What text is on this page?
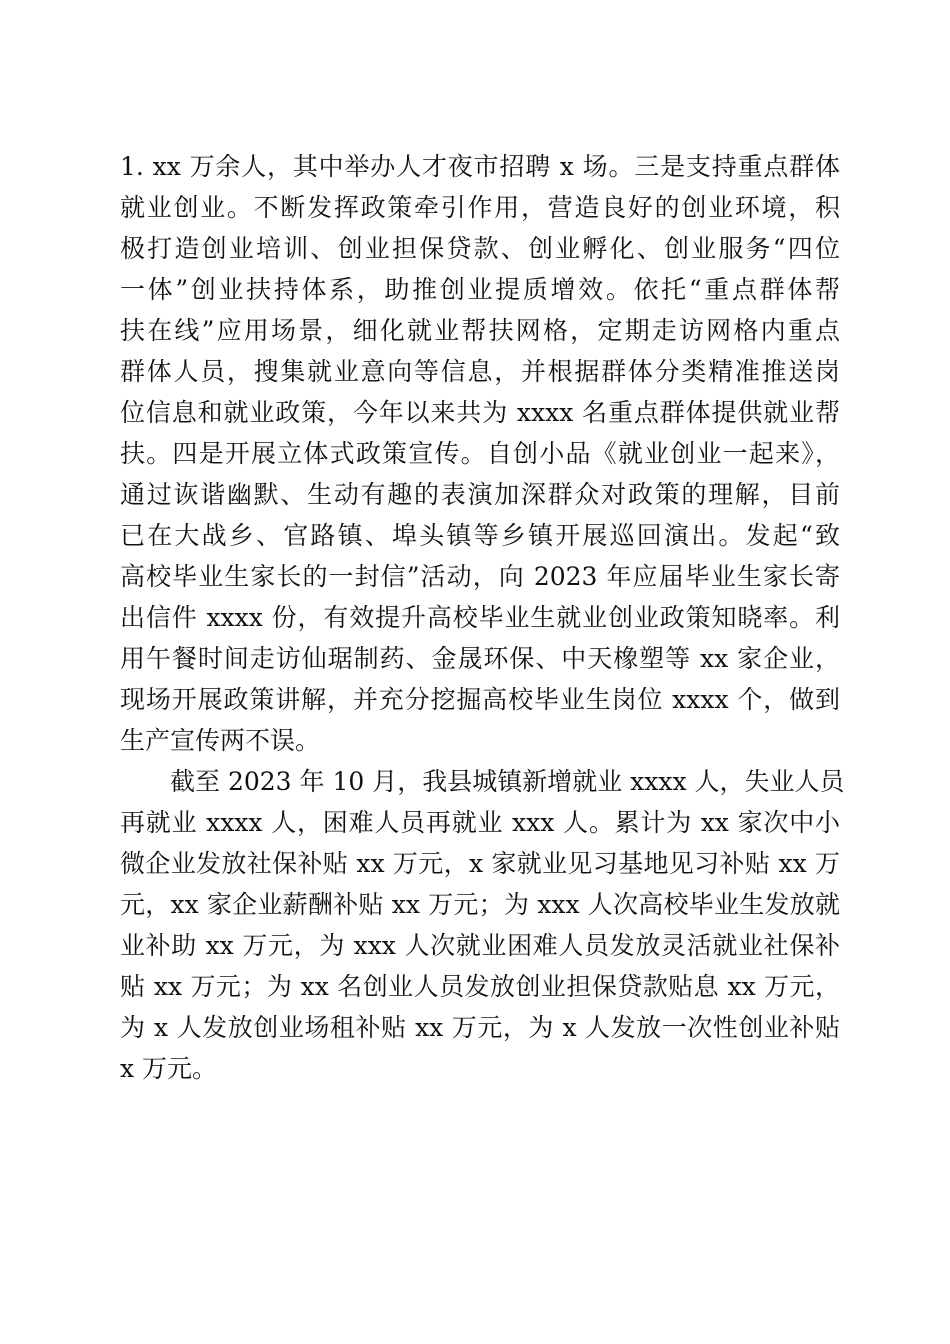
1. xx 万余人，其中举办人才夜市招聘 x 场。三是支持重点群体
就业创业。不断发挥政策牵引作用，营造良好的创业环境，积
极打造创业培训、创业担保贷款、创业孵化、创业服务“四位
一体”创业扶持体系，助推创业提质增效。依托“重点群体帮
扶在线”应用场景，细化就业帮扶网格，定期走访网格内重点
群体人员，搜集就业意向等信息，并根据群体分类精准推送岗
位信息和就业政策，今年以来共为 xxxx 名重点群体提供就业帮
扶。四是开展立体式政策宣传。自创小品《就业创业一起来》，
通过诙谐幽默、生动有趣的表演加深群众对政策的理解，目前
已在大战乡、官路镇、埠头镇等乡镇开展巡回演出。发起“致
高校毕业生家长的一封信”活动，向 2023 年应届毕业生家长寄
出信件 xxxx 份，有效提升高校毕业生就业创业政策知晓率。利
用午餐时间走访仙琚制药、金晟环保、中天橡塑等 xx 家企业，
现场开展政策讲解，并充分挖掘高校毕业生岗位 xxxx 个，做到
生产宣传两不误。
截至 2023 年 10 月，我县城镇新增就业 xxxx 人，失业人员
再就业 xxxx 人，困难人员再就业 xxx 人。累计为 xx 家次中小
微企业发放社保补贴 xx 万元，x 家就业见习基地见习补贴 xx 万
元，xx 家企业薪酬补贴 xx 万元；为 xxx 人次高校毕业生发放就
业补助 xx 万元，为 xxx 人次就业困难人员发放灵活就业社保补
贴 xx 万元；为 xx 名创业人员发放创业担保贷款贴息 xx 万元，
为 x 人发放创业场租补贴 xx 万元，为 x 人发放一次性创业补贴
x 万元。
